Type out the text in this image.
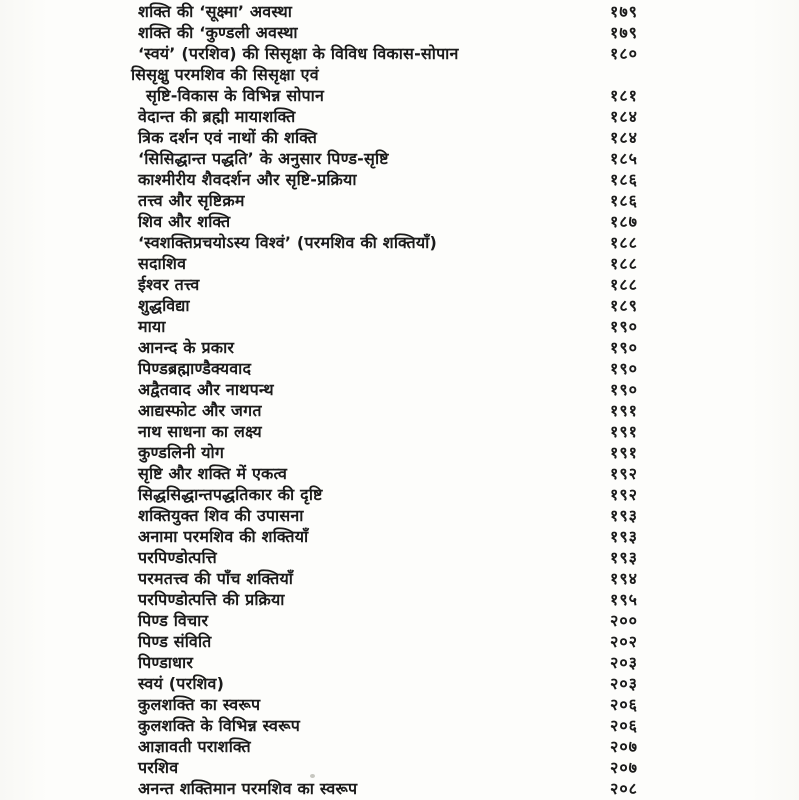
शक्ति की ‘सूक्ष्मा’ अवस्था	१७९
शक्ति की ‘कुण्डली अवस्था	१७९
‘स्वयं’ (परशिव) की सिसृक्षा के विविध विकास-सोपान	१८०
सिसृक्षु परमशिव की सिसृक्षा एवं
सृष्टि-विकास के विभिन्न सोपान	१८१
वेदान्त की ब्रह्मी मायाशक्ति	१८४
त्रिक दर्शन एवं नाथों की शक्ति	१८४
‘सिसिद्धान्त पद्धति’ के अनुसार पिण्ड-सृष्टि	१८५
काश्मीरीय शैवदर्शन और सृष्टि-प्रक्रिया	१८६
तत्त्व और सृष्टिक्रम	१८६
शिव और शक्ति	१८७
‘स्वशक्तिप्रचयोऽस्य विश्वं’ (परमशिव की शक्तियाँ)	१८८
सदाशिव	१८८
ईश्वर तत्त्व	१८८
शुद्धविद्या	१८९
माया	१९०
आनन्द के प्रकार	१९०
पिण्डब्रह्माण्डैक्यवाद	१९०
अद्वैतवाद और नाथपन्थ	१९०
आद्यस्फोट और जगत	१९१
नाथ साधना का लक्ष्य	१९१
कुण्डलिनी योग	१९१
सृष्टि और शक्ति में एकत्व	१९२
सिद्धसिद्धान्तपद्धतिकार की दृष्टि	१९२
शक्तियुक्त शिव की उपासना	१९३
अनामा परमशिव की शक्तियाँ	१९३
परपिण्डोत्पत्ति	१९३
परमतत्त्व की पाँच शक्तियाँ	१९४
परपिण्डोत्पत्ति की प्रक्रिया	१९५
पिण्ड विचार	२००
पिण्ड संविति	२०२
पिण्डाधार	२०३
स्वयं (परशिव)	२०३
कुलशक्ति का स्वरूप	२०६
कुलशक्ति के विभिन्न स्वरूप	२०६
आज्ञावती पराशक्ति	२०७
परशिव	२०७
अनन्त शक्तिमान परमशिव का स्वरूप	२०८
